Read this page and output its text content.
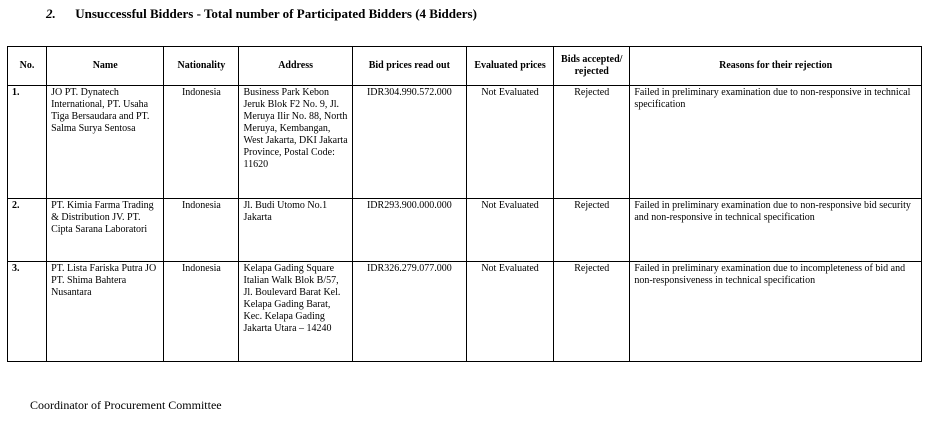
2. Unsuccessful Bidders - Total number of Participated Bidders (4 Bidders)
No.	Name	Nationality	Address	Bid prices read out	Evaluated prices	Bids accepted/ rejected	Reasons for their rejection
1.	JO PT. Dynatech International, PT. Usaha Tiga Bersaudara and PT. Salma Surya Sentosa	Indonesia	Business Park Kebon Jeruk Blok F2 No. 9, Jl. Meruya Ilir No. 88, North Meruya, Kembangan, West Jakarta, DKI Jakarta Province, Postal Code: 11620	IDR304.990.572.000	Not Evaluated	Rejected	Failed in preliminary examination due to non-responsive in technical specification
2.	PT. Kimia Farma Trading & Distribution JV. PT. Cipta Sarana Laboratori	Indonesia	Jl. Budi Utomo No.1 Jakarta	IDR293.900.000.000	Not Evaluated	Rejected	Failed in preliminary examination due to non-responsive bid security and non-responsive in technical specification
3.	PT. Lista Fariska Putra JO PT. Shima Bahtera Nusantara	Indonesia	Kelapa Gading Square Italian Walk Blok B/57, Jl. Boulevard Barat Kel. Kelapa Gading Barat, Kec. Kelapa Gading Jakarta Utara – 14240	IDR326.279.077.000	Not Evaluated	Rejected	Failed in preliminary examination due to incompleteness of bid and non-responsiveness in technical specification
Coordinator of Procurement Committee
